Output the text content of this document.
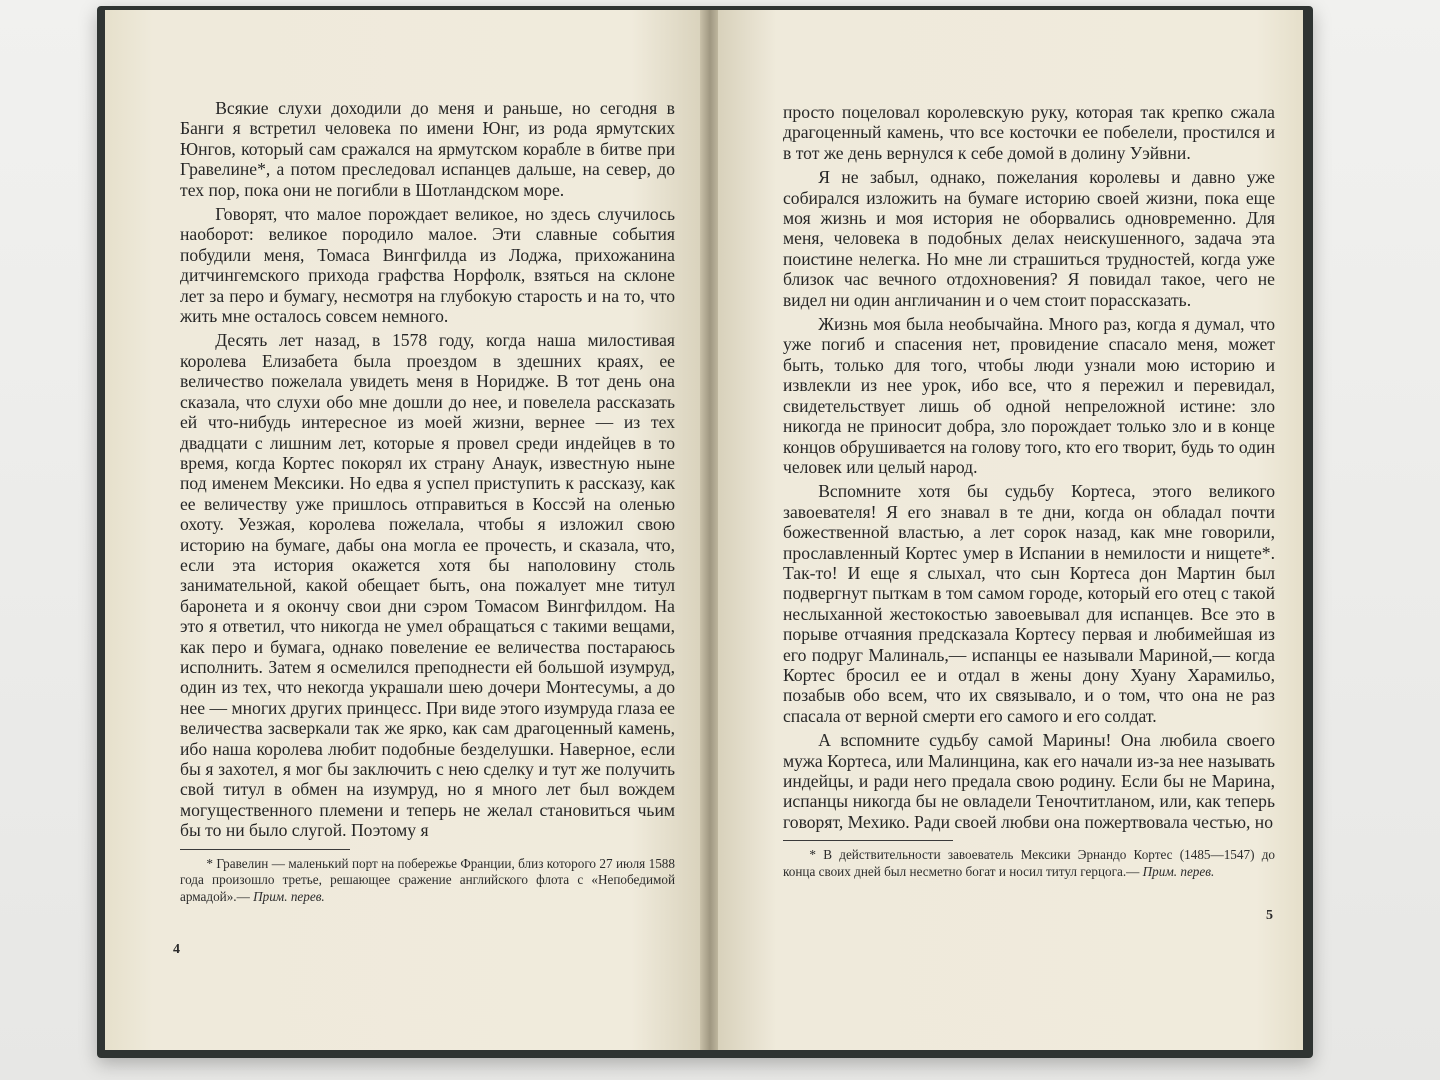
Всякие слухи доходили до меня и раньше, но сегодня в Банги я встретил человека по имени Юнг, из рода ярмутских Юнгов, который сам сражался на ярмутском корабле в битве при Гравелине*, а потом преследовал испанцев дальше, на север, до тех пор, пока они не погибли в Шотландском море.

Говорят, что малое порождает великое, но здесь случилось наоборот: великое породило малое. Эти славные события побудили меня, Томаса Вингфилда из Лоджа, прихожанина дитчингемского прихода графства Норфолк, взяться на склоне лет за перо и бумагу, несмотря на глубокую старость и на то, что жить мне осталось совсем немного.

Десять лет назад, в 1578 году, когда наша милостивая королева Елизабета была проездом в здешних краях, ее величество пожелала увидеть меня в Норидже. В тот день она сказала, что слухи обо мне дошли до нее, и повелела рассказать ей что-нибудь интересное из моей жизни, вернее — из тех двадцати с лишним лет, которые я провел среди индейцев в то время, когда Кортес покорял их страну Анаук, известную ныне под именем Мексики. Но едва я успел приступить к рассказу, как ее величеству уже пришлось отправиться в Коссэй на оленью охоту. Уезжая, королева пожелала, чтобы я изложил свою историю на бумаге, дабы она могла ее прочесть, и сказала, что, если эта история окажется хотя бы наполовину столь занимательной, какой обещает быть, она пожалует мне титул баронета и я окончу свои дни сэром Томасом Вингфилдом. На это я ответил, что никогда не умел обращаться с такими вещами, как перо и бумага, однако повеление ее величества постараюсь исполнить. Затем я осмелился преподнести ей большой изумруд, один из тех, что некогда украшали шею дочери Монтесумы, а до нее — многих других принцесс. При виде этого изумруда глаза ее величества засверкали так же ярко, как сам драгоценный камень, ибо наша королева любит подобные безделушки. Наверное, если бы я захотел, я мог бы заключить с нею сделку и тут же получить свой титул в обмен на изумруд, но я много лет был вождем могущественного племени и теперь не желал становиться чьим бы то ни было слугой. Поэтому я

* Гравелин — маленький порт на побережье Франции, близ которого 27 июля 1588 года произошло третье, решающее сражение английского флота с «Непобедимой армадой».— Прим. перев.

4

просто поцеловал королевскую руку, которая так крепко сжала драгоценный камень, что все косточки ее побелели, простился и в тот же день вернулся к себе домой в долину Уэйвни.

Я не забыл, однако, пожелания королевы и давно уже собирался изложить на бумаге историю своей жизни, пока еще моя жизнь и моя история не оборвались одновременно. Для меня, человека в подобных делах неискушенного, задача эта поистине нелегка. Но мне ли страшиться трудностей, когда уже близок час вечного отдохновения? Я повидал такое, чего не видел ни один англичанин и о чем стоит порассказать.

Жизнь моя была необычайна. Много раз, когда я думал, что уже погиб и спасения нет, провидение спасало меня, может быть, только для того, чтобы люди узнали мою историю и извлекли из нее урок, ибо все, что я пережил и перевидал, свидетельствует лишь об одной непреложной истине: зло никогда не приносит добра, зло порождает только зло и в конце концов обрушивается на голову того, кто его творит, будь то один человек или целый народ.

Вспомните хотя бы судьбу Кортеса, этого великого завоевателя! Я его знавал в те дни, когда он обладал почти божественной властью, а лет сорок назад, как мне говорили, прославленный Кортес умер в Испании в немилости и нищете*. Так-то! И еще я слыхал, что сын Кортеса дон Мартин был подвергнут пыткам в том самом городе, который его отец с такой неслыханной жестокостью завоевывал для испанцев. Все это в порыве отчаяния предсказала Кортесу первая и любимейшая из его подруг Малиналь,— испанцы ее называли Мариной,— когда Кортес бросил ее и отдал в жены дону Хуану Харамильо, позабыв обо всем, что их связывало, и о том, что она не раз спасала от верной смерти его самого и его солдат.

А вспомните судьбу самой Марины! Она любила своего мужа Кортеса, или Малинцина, как его начали из-за нее называть индейцы, и ради него предала свою родину. Если бы не Марина, испанцы никогда бы не овладели Теночтитланом, или, как теперь говорят, Мехико. Ради своей любви она пожертвовала честью, но

* В действительности завоеватель Мексики Эрнандо Кортес (1485—1547) до конца своих дней был несметно богат и носил титул герцога.— Прим. перев.

5
